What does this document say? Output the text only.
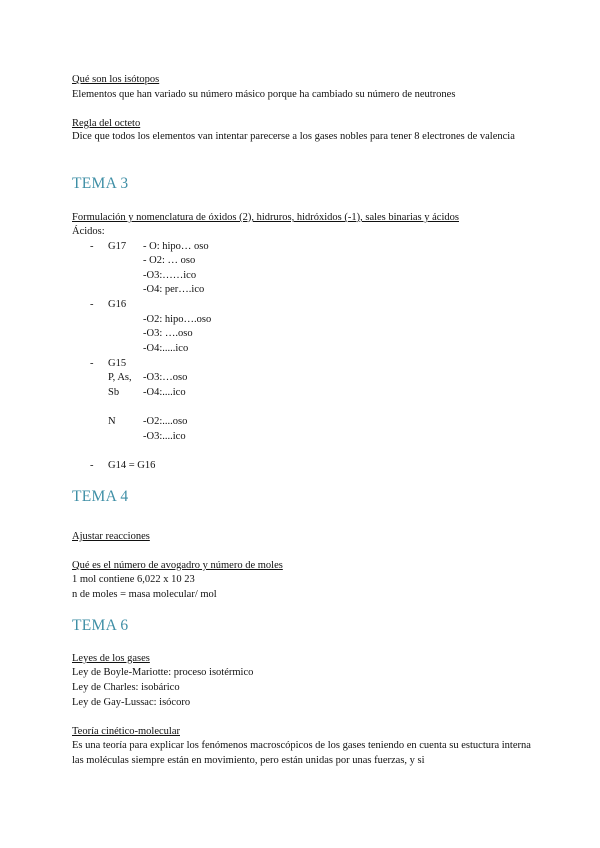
Qué son los isótopos
Elementos que han variado su número másico porque ha cambiado su número de neutrones
Regla del octeto
Dice que todos los elementos van intentar parecerse a los gases nobles para tener 8 electrones de valencia
TEMA 3
Formulación y nomenclatura de óxidos (2), hidruros, hidróxidos (-1), sales binarias y ácidos
Ácidos:
- G17 - O: hipo… oso
- O2: … oso
-O3:……ico
-O4: per….ico
- G16
-O2: hipo….oso
-O3: ….oso
-O4:.....ico
- G15
P, As, -O3:…oso
Sb -O4:....ico
N	-O2:....oso
-O3:....ico
- G14 = G16
TEMA 4
Ajustar reacciones
Qué es el número de avogadro y número de moles
1 mol contiene 6,022 x 10 23
n de moles = masa molecular/ mol
TEMA 6
Leyes de los gases
Ley de Boyle-Mariotte: proceso isotérmico
Ley de Charles: isobárico
Ley de Gay-Lussac: isócoro
Teoría cinético-molecular
Es una teoría para explicar los fenómenos macroscópicos de los gases teniendo en cuenta su estuctura interna las moléculas siempre están en movimiento, pero están unidas por unas fuerzas, y si
